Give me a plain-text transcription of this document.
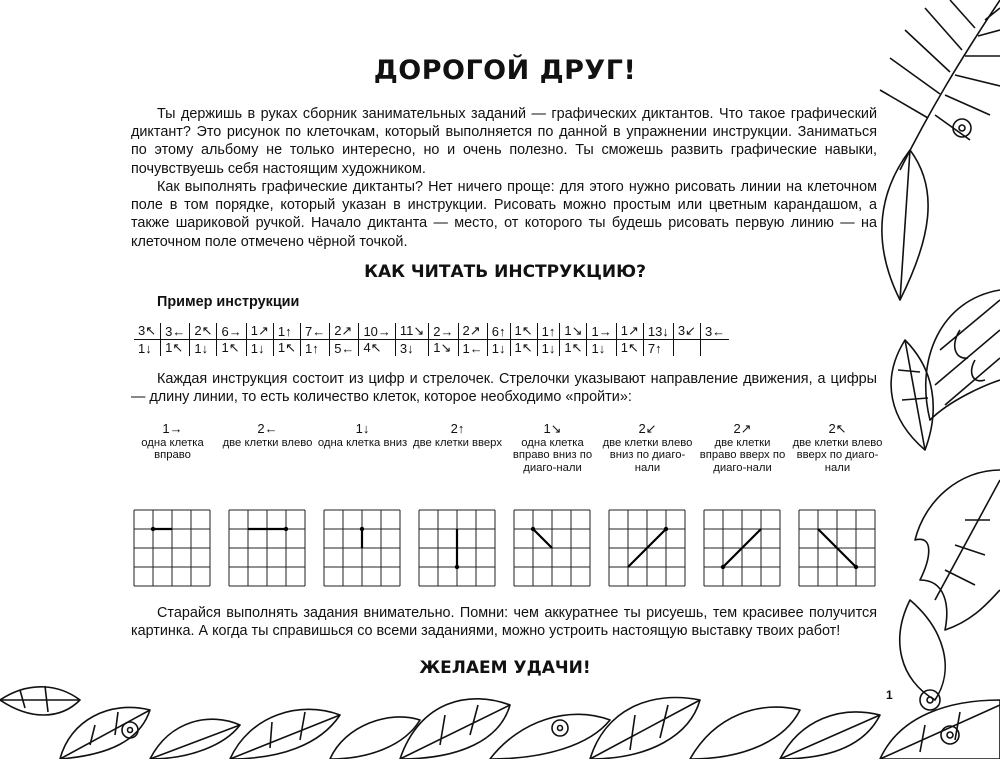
ДОРОГОЙ ДРУГ!

Ты держишь в руках сборник занимательных заданий — графических диктантов. Что такое графический диктант? Это рисунок по клеточкам, который выполняется по данной в упражнении инструкции. Заниматься по этому альбому не только интересно, но и очень полезно. Ты сможешь развить графические навыки, почувствуешь себя настоящим художником.

Как выполнять графические диктанты? Нет ничего проще: для этого нужно рисовать линии на клеточном поле в том порядке, который указан в инструкции. Рисовать можно простым или цветным карандашом, а также шариковой ручкой. Начало диктанта — место, от которого ты будешь рисовать первую линию — на клеточном поле отмечено чёрной точкой.

КАК ЧИТАТЬ ИНСТРУКЦИЮ?
Пример инструкции
3↖	3←	2↖	6→	1↗	1↑	7←	2↗	10→	11↘	2→	2↗	6↑	1↖	1↑	1↘	1→	1↗	13↓	3↙	3←
1↓	1↖	1↓	1↖	1↓	1↖	1↑	5←	4↖	3↓	1↘	1←	1↓	1↖	1↓	1↖	1↓	1↖	7↑		

Каждая инструкция состоит из цифр и стрелочек. Стрелочки указывают направление движения, а цифры — длину линии, то есть количество клеток, которое необходимо «пройти»:

1→
одна клетка вправо
2←
две клетки влево
1↓
одна клетка вниз
2↑
две клетки вверх
1↘
одна клетка вправо вниз по диаго-нали
2↙
две клетки влево вниз по диаго-нали
2↗
две клетки вправо вверх по диаго-нали
2↖
две клетки влево вверх по диаго-нали

Старайся выполнять задания внимательно. Помни: чем аккуратнее ты рисуешь, тем красивее получится картинка. А когда ты справишься со всеми заданиями, можно устроить настоящую выставку твоих работ!

ЖЕЛАЕМ УДАЧИ!
1
